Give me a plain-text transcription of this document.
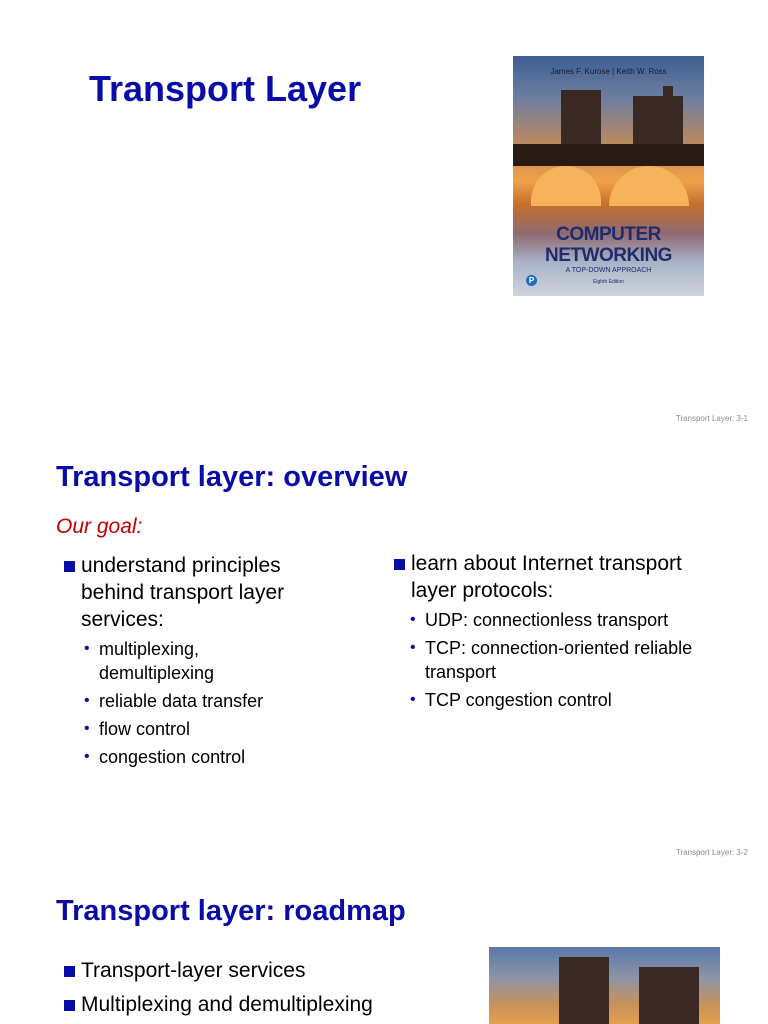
Transport Layer	James F. Kurose | Keith W. Ross
COMPUTER
NETWORKING
A TOP-DOWN APPROACH
Eighth Edition
P
Transport Layer: 3-1
Transport layer: overview
Our goal:
understand principles
behind transport layer
services:
• multiplexing,
demultiplexing
• reliable data transfer
• flow control
• congestion control
learn about Internet transport
layer protocols:
• UDP: connectionless transport
• TCP: connection-oriented reliable
transport
• TCP congestion control
Transport Layer: 3-2
Transport layer: roadmap
Transport-layer services
Multiplexing and demultiplexing
